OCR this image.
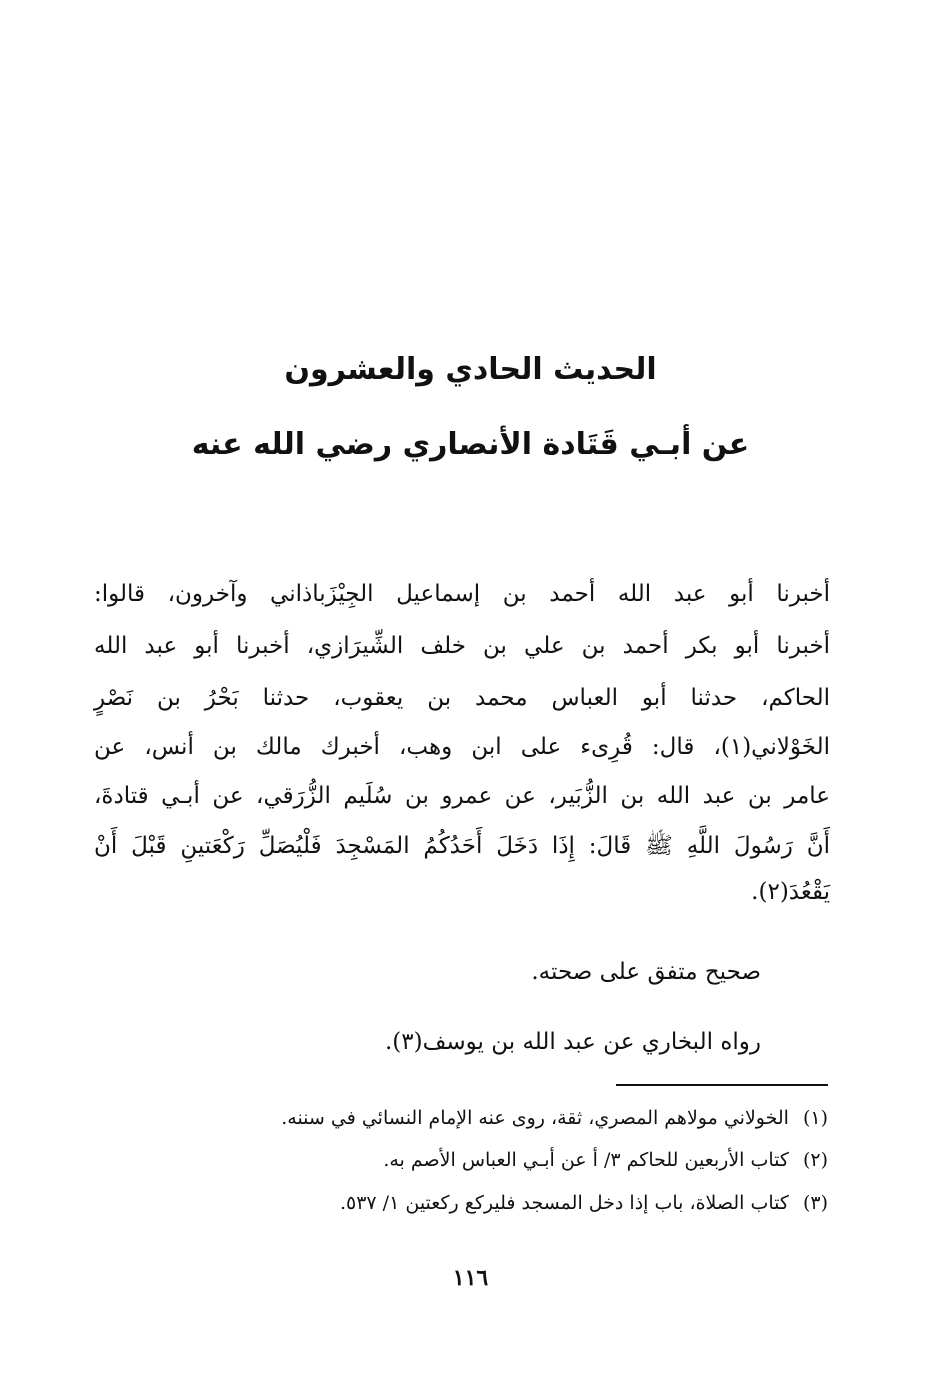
الحديث الحادي والعشرون
عن أبـي قَتَادة الأنصاري رضي الله عنه
أخبرنا أبو عبد الله أحمد بن إسماعيل الجِيْزَباذاني وآخرون، قالوا:
أخبرنا أبو بكر أحمد بن علي بن خلف الشِّيرَازي، أخبرنا أبو عبد الله
الحاكم، حدثنا أبو العباس محمد بن يعقوب، حدثنا بَحْرُ بن نَصْرٍ
الخَوْلاني(١)، قال: قُرِىء على ابن وهب، أخبرك مالك بن أنس، عن
عامر بن عبد الله بن الزُّبَير، عن عمرو بن سُلَيم الزُّرَقي، عن أبـي قتادةَ،
أَنَّ رَسُولَ اللَّهِ ﷺ قَالَ: إِذَا دَخَلَ أَحَدُكُمُ المَسْجِدَ فَلْيُصَلِّ رَكْعَتينِ قَبْلَ أَنْ
يَقْعُدَ(٢).
صحيح متفق على صحته.
رواه البخاري عن عبد الله بن يوسف(٣).
(١)الخولاني مولاهم المصري، ثقة، روى عنه الإمام النسائي في سننه.
(٢)كتاب الأربعين للحاكم ٣/ أ عن أبـي العباس الأصم به.
(٣)كتاب الصلاة، باب إذا دخل المسجد فليركع ركعتين ١/ ٥٣٧.
١١٦
